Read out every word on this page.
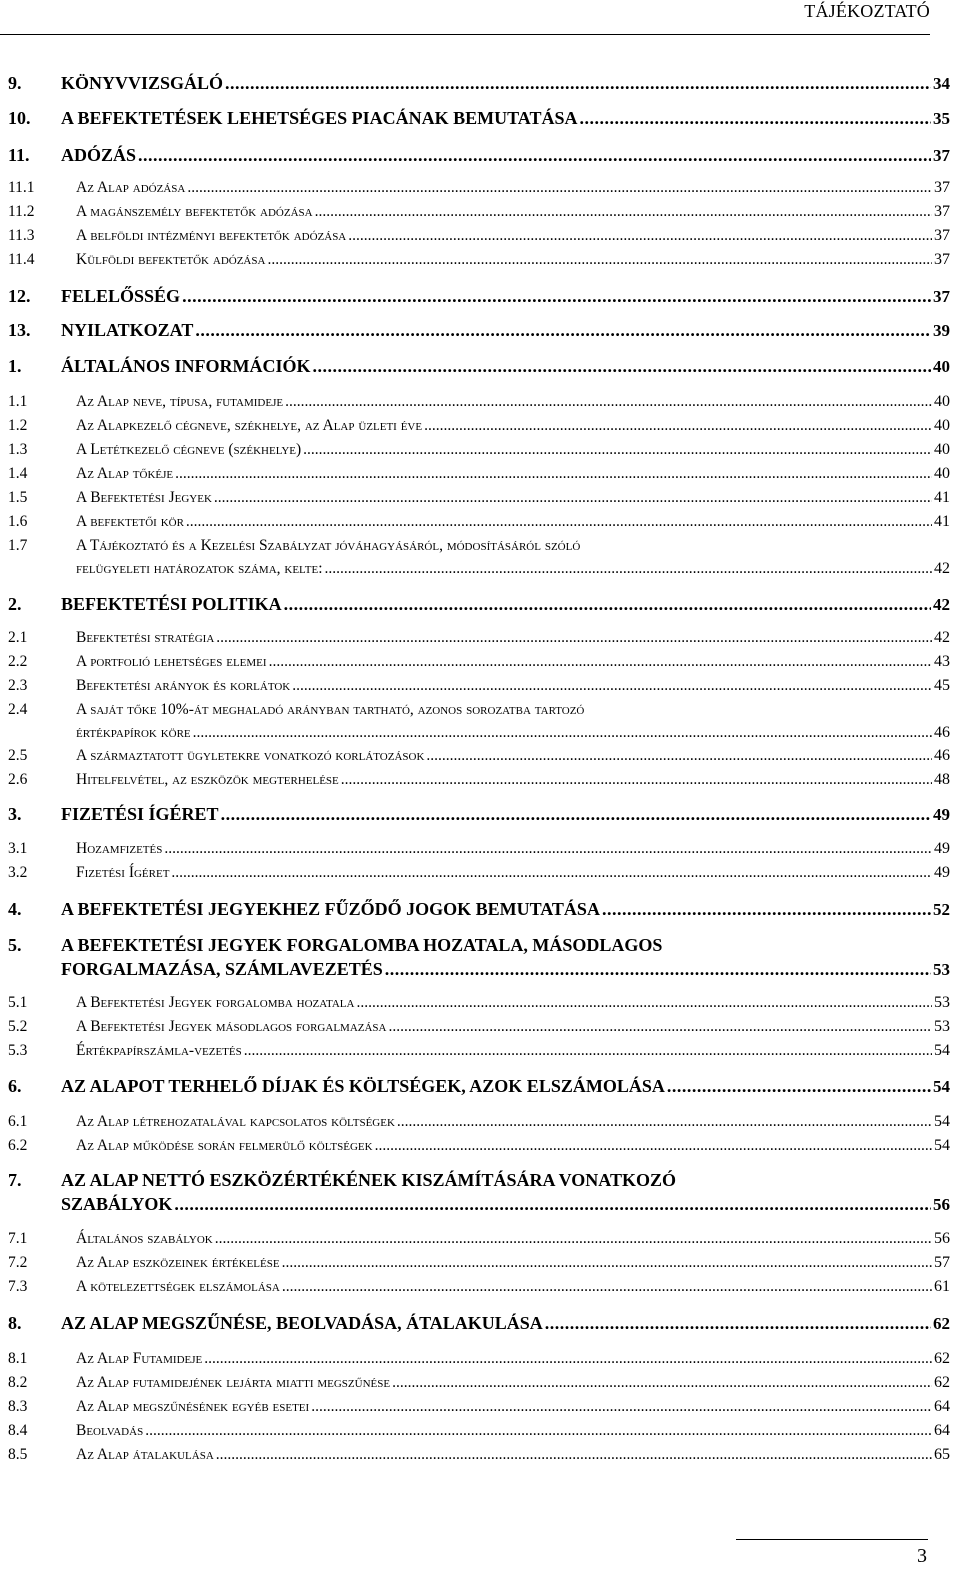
TÁJÉKOZTATÓ
9. KÖNYVVIZSGÁLÓ .....	34
10. A BEFEKTETÉSEK LEHETSÉGES PIACÁNAK BEMUTATÁSA .....	35
11. ADÓZÁS .....	37
11.1	Az Alap adózása .....	37
11.2	A magánszemély befektetők adózása .....	37
11.3	A belföldi intézményi befektetők adózása .....	37
11.4	Külföldi befektetők adózása .....	37
12. FELELŐSSÉG .....	37
13. NYILATKOZAT .....	39
1. ÁLTALÁNOS INFORMÁCIÓK .....	40
1.1	Az Alap neve, típusa, futamideje .....	40
1.2	Az Alapkezelő cégneve, székhelye, az Alap üzleti éve .....	40
1.3	A Letétkezelő cégneve (székhelye) .....	40
1.4	Az Alap tőkéje .....	40
1.5	A Befektetési Jegyek .....	41
1.6	A befektetői kör .....	41
1.7	A Tájékoztató és a Kezelési Szabályzat jóváhagyásáról, módosításáról szóló
felügyeleti határozatok száma, kelte: .....	42
2. BEFEKTETÉSI POLITIKA .....	42
2.1	Befektetési stratégia .....	42
2.2	A portfolió lehetséges elemei .....	43
2.3	Befektetési arányok és korlátok .....	45
2.4	A saját tőke 10%-át meghaladó arányban tartható, azonos sorozatba tartozó
értékpapírok köre .....	46
2.5	A származtatott ügyletekre vonatkozó korlátozások .....	46
2.6	Hitelfelvétel, az eszközök megterhelése .....	48
3. FIZETÉSI ÍGÉRET .....	49
3.1	Hozamfizetés .....	49
3.2	Fizetési Ígéret .....	49
4. A BEFEKTETÉSI JEGYEKHEZ FŰZŐDŐ JOGOK BEMUTATÁSA .....	52
5. A BEFEKTETÉSI JEGYEK FORGALOMBA HOZATALA, MÁSODLAGOS
FORGALMAZÁSA, SZÁMLAVEZETÉS .....	53
5.1	A Befektetési Jegyek forgalomba hozatala .....	53
5.2	A Befektetési Jegyek másodlagos forgalmazása .....	53
5.3	Értékpapírszámla-vezetés .....	54
6. AZ ALAPOT TERHELŐ DÍJAK ÉS KÖLTSÉGEK, AZOK ELSZÁMOLÁSA .....	54
6.1	Az Alap létrehozatalával kapcsolatos költségek .....	54
6.2	Az Alap működése során felmerülő költségek .....	54
7. AZ ALAP NETTÓ ESZKÖZÉRTÉKÉNEK KISZÁMÍTÁSÁRA VONATKOZÓ
SZABÁLYOK .....	56
7.1	Általános szabályok .....	56
7.2	Az Alap eszközeinek értékelése .....	57
7.3	A kötelezettségek elszámolása .....	61
8. AZ ALAP MEGSZŰNÉSE, BEOLVADÁSA, ÁTALAKULÁSA .....	62
8.1	Az Alap Futamideje .....	62
8.2	Az Alap futamidejének lejárta miatti megszűnése .....	62
8.3	Az Alap megszűnésének egyéb esetei .....	64
8.4	Beolvadás .....	64
8.5	Az Alap átalakulása .....	65
3
